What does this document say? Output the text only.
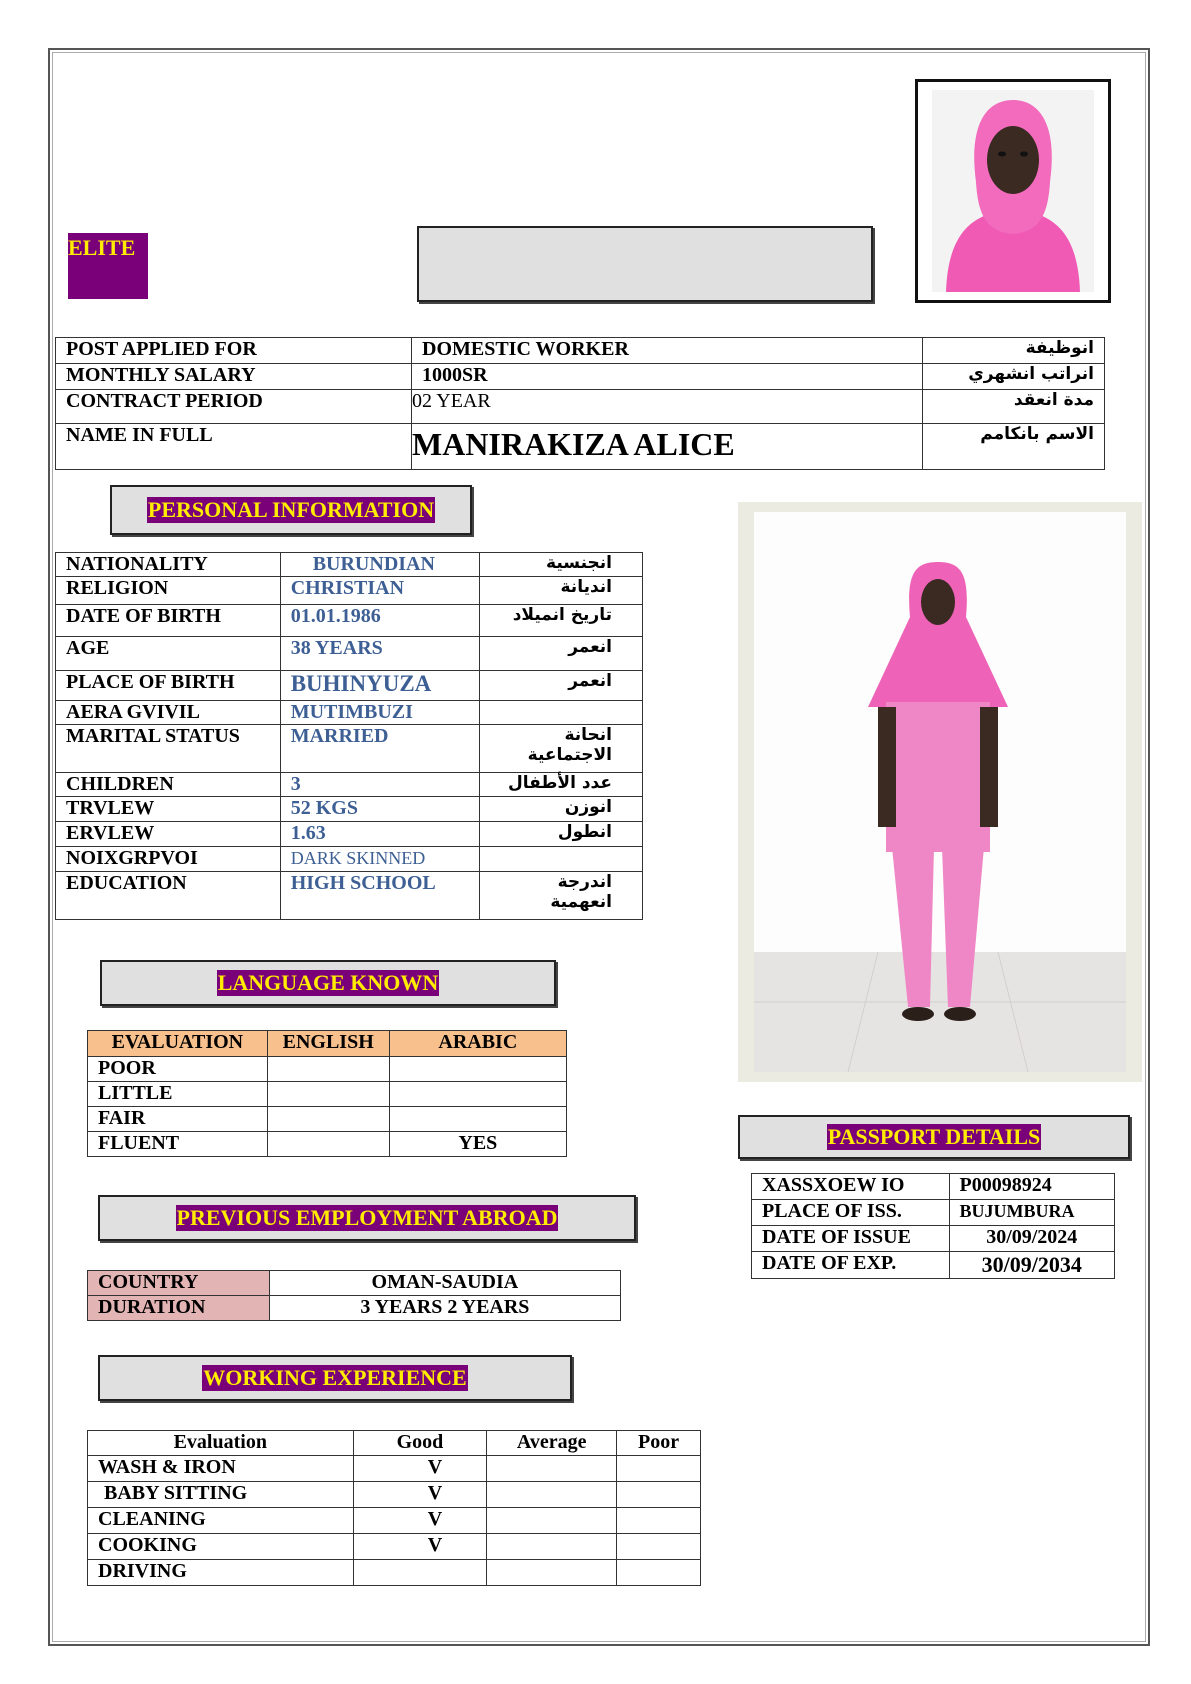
ELITE
POST APPLIED FOR	DOMESTIC WORKER	انوظيفة
MONTHLY SALARY	1000SR	انراتب انشهري
CONTRACT PERIOD	02 YEAR	مدة انعقد
NAME IN FULL	MANIRAKIZA ALICE	الاسم بانكامم
PERSONAL INFORMATION
NATIONALITY	BURUNDIAN	انجنسية
RELIGION	CHRISTIAN	انديانة
DATE OF BIRTH	01.01.1986	تاريخ انميلاد
AGE	38 YEARS	انعمر
PLACE OF BIRTH	BUHINYUZA	انعمر
AERA GVIVIL	MUTIMBUZI	
MARITAL STATUS	MARRIED	انحانة الاجتماعية
CHILDREN	3	عدد الأطفال
TRVLEW	52 KGS	انوزن
ERVLEW	1.63	انطول
NOIXGRPVOI	DARK SKINNED	
EDUCATION	HIGH SCHOOL	اندرجة انعهمية
LANGUAGE KNOWN
EVALUATION	ENGLISH	ARABIC
POOR		
LITTLE		
FAIR		
FLUENT		YES	PASSPORT DETAILS
XASSXOEW IO	P00098924
PLACE OF ISS.	BUJUMBURA
DATE OF ISSUE	30/09/2024
DATE OF EXP.	30/09/2034
PREVIOUS EMPLOYMENT ABROAD
COUNTRY	OMAN-SAUDIA
DURATION	3 YEARS 2 YEARS
WORKING EXPERIENCE
Evaluation	Good	Average	Poor
WASH & IRON	V		
BABY SITTING	V		
CLEANING	V		
COOKING	V		
DRIVING			
